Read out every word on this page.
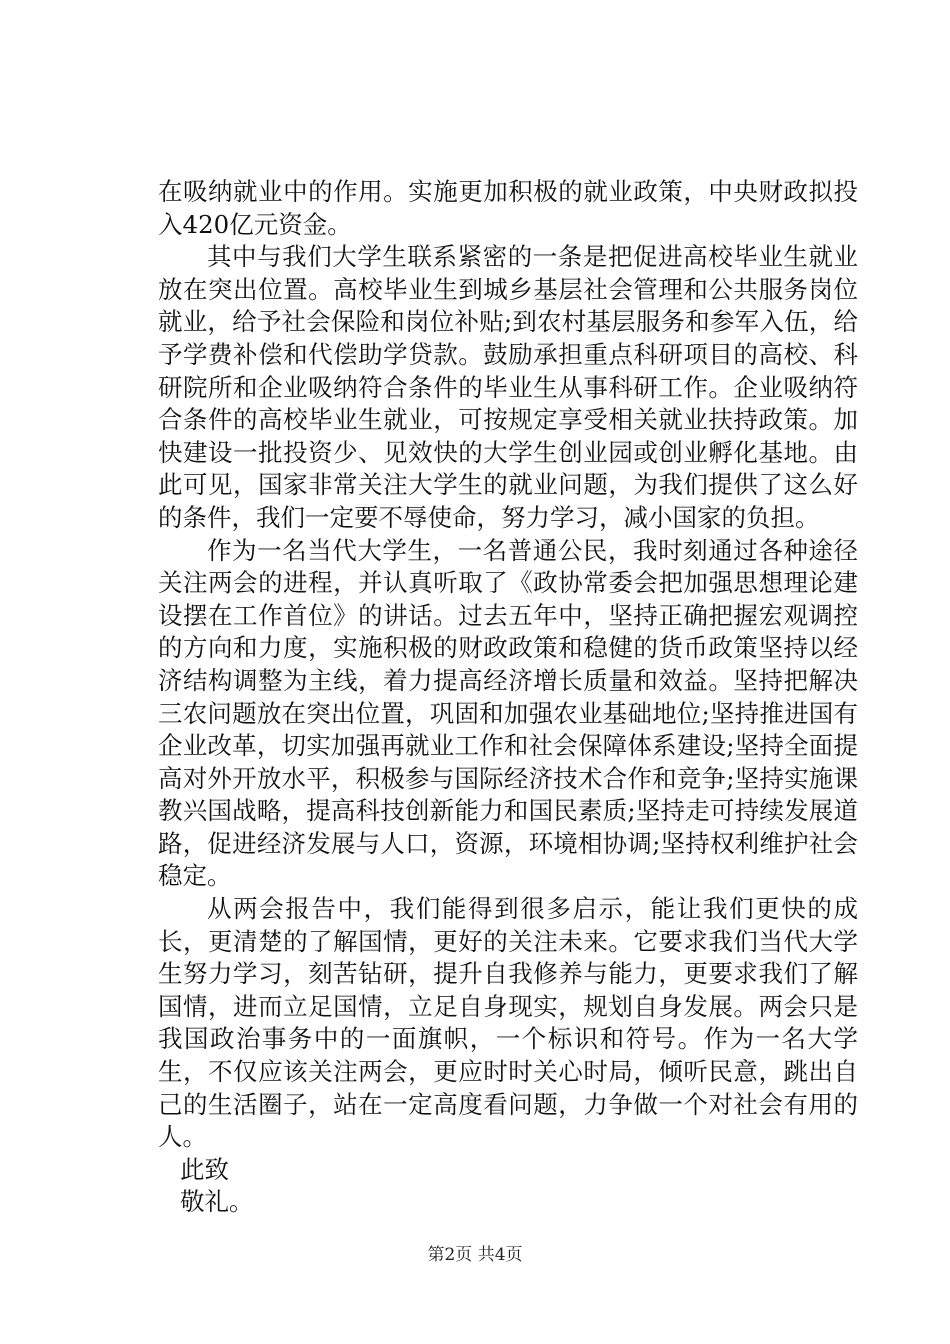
在吸纳就业中的作用。实施更加积极的就业政策，中央财政拟投入420亿元资金。

其中与我们大学生联系紧密的一条是把促进高校毕业生就业放在突出位置。高校毕业生到城乡基层社会管理和公共服务岗位就业，给予社会保险和岗位补贴;到农村基层服务和参军入伍，给予学费补偿和代偿助学贷款。鼓励承担重点科研项目的高校、科研院所和企业吸纳符合条件的毕业生从事科研工作。企业吸纳符合条件的高校毕业生就业，可按规定享受相关就业扶持政策。加快建设一批投资少、见效快的大学生创业园或创业孵化基地。由此可见，国家非常关注大学生的就业问题，为我们提供了这么好的条件，我们一定要不辱使命，努力学习，减小国家的负担。

作为一名当代大学生，一名普通公民，我时刻通过各种途径关注两会的进程，并认真听取了《政协常委会把加强思想理论建设摆在工作首位》的讲话。过去五年中，坚持正确把握宏观调控的方向和力度，实施积极的财政政策和稳健的货币政策坚持以经济结构调整为主线，着力提高经济增长质量和效益。坚持把解决三农问题放在突出位置，巩固和加强农业基础地位;坚持推进国有企业改革，切实加强再就业工作和社会保障体系建设;坚持全面提高对外开放水平，积极参与国际经济技术合作和竞争;坚持实施课教兴国战略，提高科技创新能力和国民素质;坚持走可持续发展道路，促进经济发展与人口，资源，环境相协调;坚持权利维护社会稳定。

从两会报告中，我们能得到很多启示，能让我们更快的成长，更清楚的了解国情，更好的关注未来。它要求我们当代大学生努力学习，刻苦钻研，提升自我修养与能力，更要求我们了解国情，进而立足国情，立足自身现实，规划自身发展。两会只是我国政治事务中的一面旗帜，一个标识和符号。作为一名大学生，不仅应该关注两会，更应时时关心时局，倾听民意，跳出自己的生活圈子，站在一定高度看问题，力争做一个对社会有用的人。

此致

敬礼。

第2页 共4页
